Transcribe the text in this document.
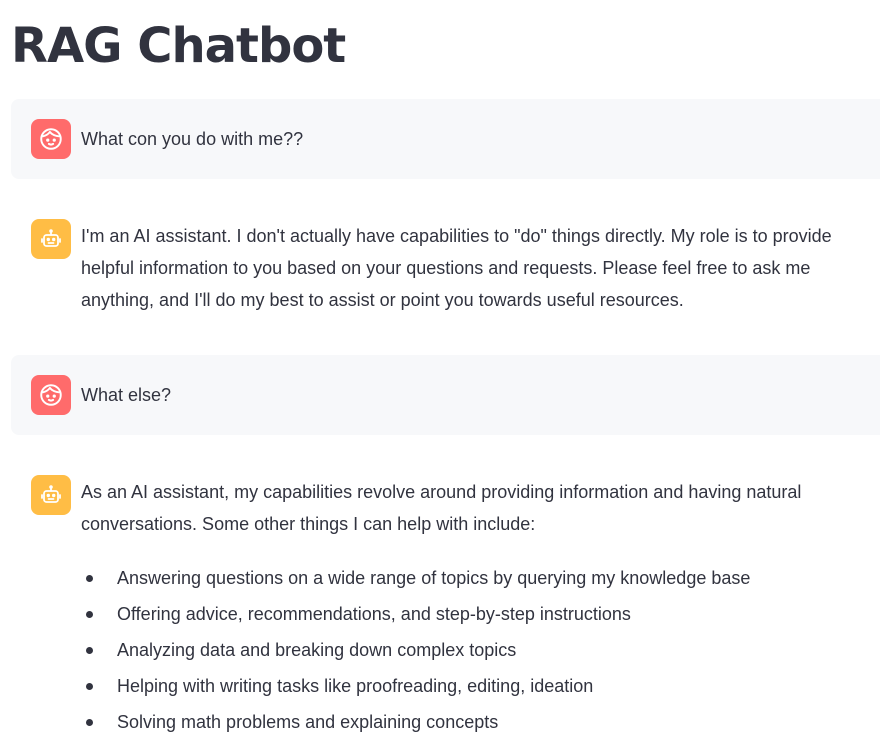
RAG Chatbot
What con you do with me??
I'm an AI assistant. I don't actually have capabilities to "do" things directly. My role is to provide helpful information to you based on your questions and requests. Please feel free to ask me anything, and I'll do my best to assist or point you towards useful resources.
What else?

As an AI assistant, my capabilities revolve around providing information and having natural conversations. Some other things I can help with include:

Answering questions on a wide range of topics by querying my knowledge base
Offering advice, recommendations, and step-by-step instructions
Analyzing data and breaking down complex topics
Helping with writing tasks like proofreading, editing, ideation
Solving math problems and explaining concepts
